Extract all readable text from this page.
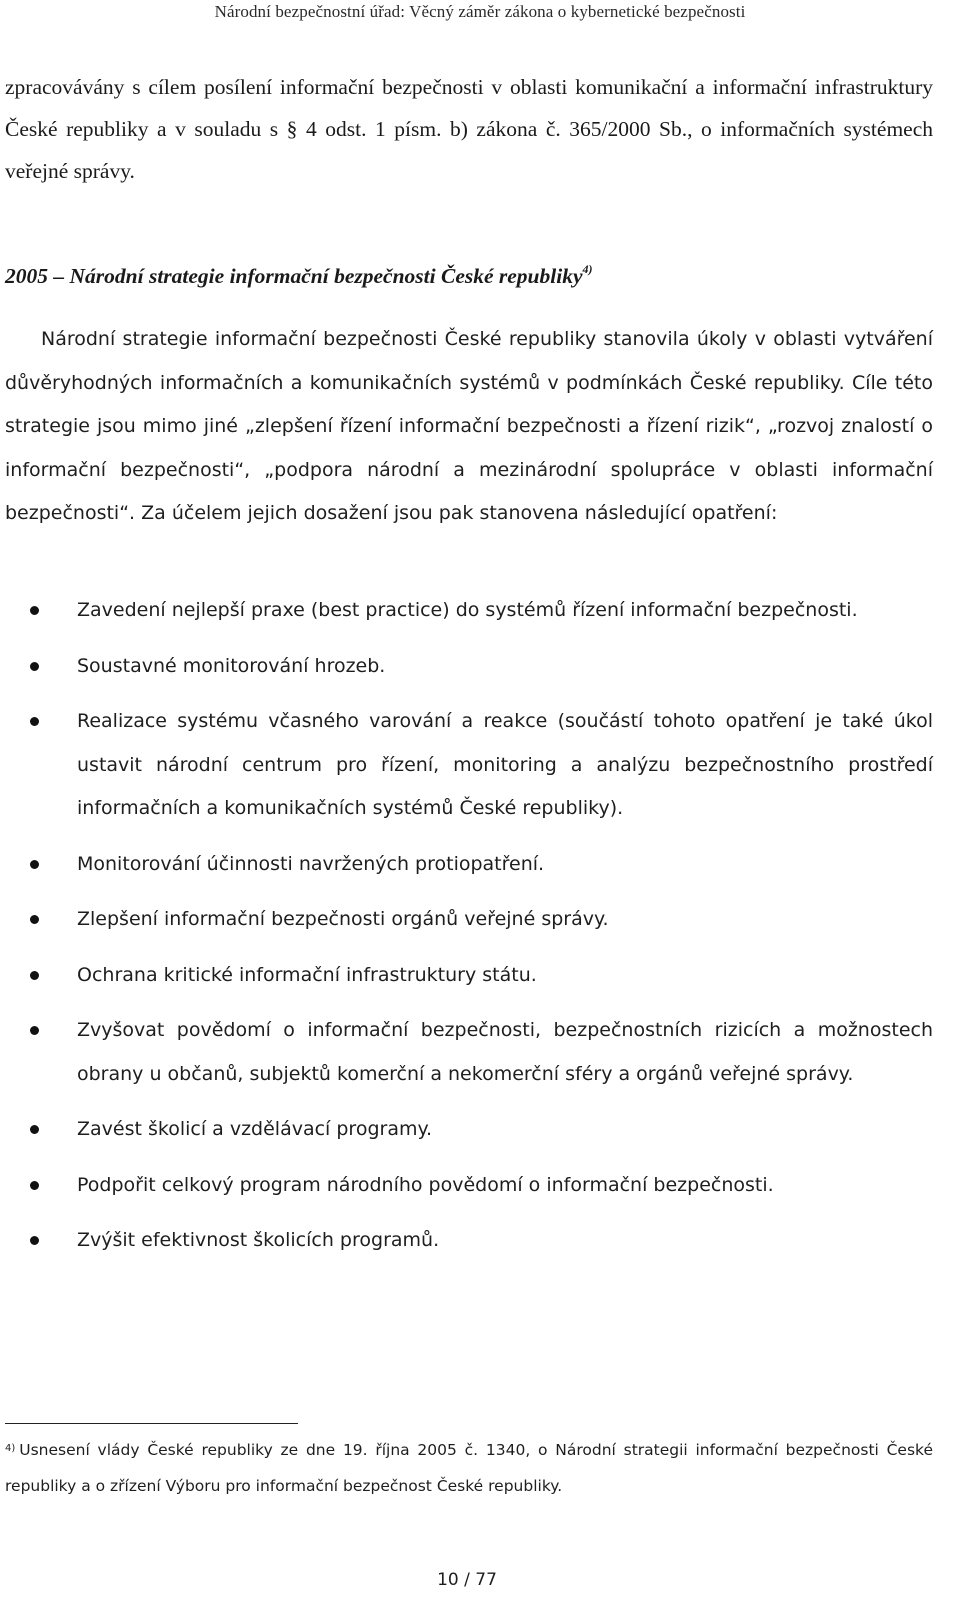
Národní bezpečnostní úřad: Věcný záměr zákona o kybernetické bezpečnosti

zpracovávány s cílem posílení informační bezpečnosti v oblasti komunikační a informační infrastruktury České republiky a v souladu s § 4 odst. 1 písm. b) zákona č. 365/2000 Sb., o informačních systémech veřejné správy.

2005 – Národní strategie informační bezpečnosti České republiky$^{4)}$

Národní strategie informační bezpečnosti České republiky stanovila úkoly v oblasti vytváření důvěryhodných informačních a komunikačních systémů v podmínkách České republiky. Cíle této strategie jsou mimo jiné „zlepšení řízení informační bezpečnosti a řízení rizik“, „rozvoj znalostí o informační bezpečnosti“, „podpora národní a mezinárodní spolupráce v oblasti informační bezpečnosti“. Za účelem jejich dosažení jsou pak stanovena následující opatření:

Zavedení nejlepší praxe (best practice) do systémů řízení informační bezpečnosti.
Soustavné monitorování hrozeb.
Realizace systému včasného varování a reakce (součástí tohoto opatření je také úkol ustavit národní centrum pro řízení, monitoring a analýzu bezpečnostního prostředí informačních a komunikačních systémů České republiky).
Monitorování účinnosti navržených protiopatření.
Zlepšení informační bezpečnosti orgánů veřejné správy.
Ochrana kritické informační infrastruktury státu.
Zvyšovat povědomí o informační bezpečnosti, bezpečnostních rizicích a možnostech obrany u občanů, subjektů komerční a nekomerční sféry a orgánů veřejné správy.
Zavést školicí a vzdělávací programy.
Podpořit celkový program národního povědomí o informační bezpečnosti.
Zvýšit efektivnost školicích programů.

$^{4)}$ Usnesení vlády České republiky ze dne 19. října 2005 č. 1340, o Národní strategii informační bezpečnosti České republiky a o zřízení Výboru pro informační bezpečnost České republiky.

10 / 77
